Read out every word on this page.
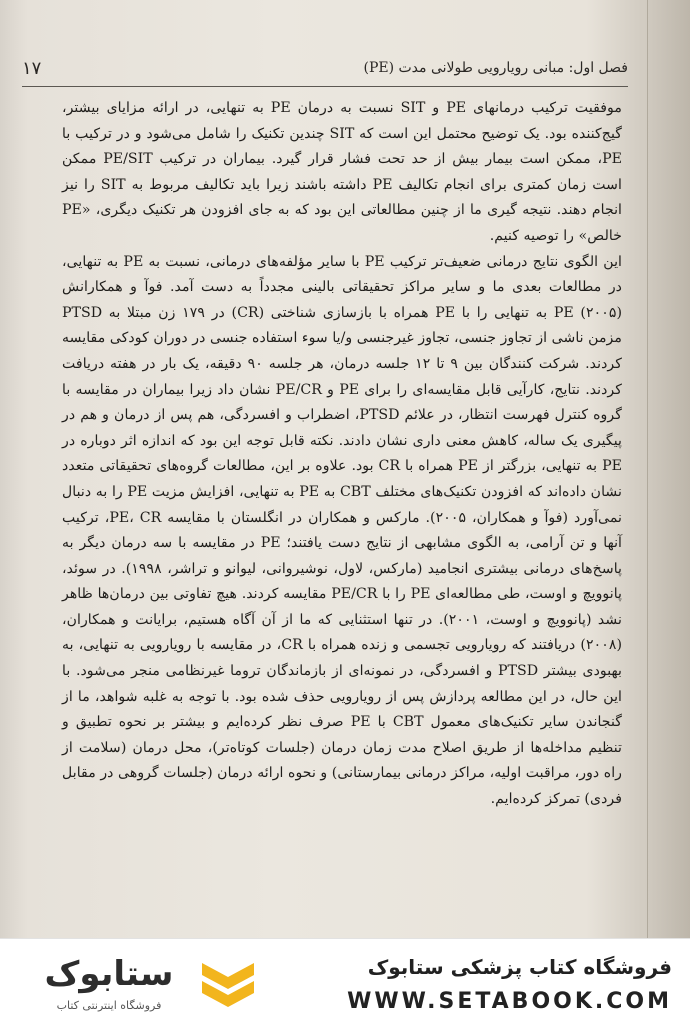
۱۷	فصل اول: مبانی رویارویی طولانی مدت (PE)

موفقیت ترکیب درمانهای PE و SIT نسبت به درمان PE به تنهایی، در ارائه مزایای بیشتر، گیج‌کننده بود. یک توضیح محتمل این است که SIT چندین تکنیک را شامل می‌شود و در ترکیب با PE، ممکن است بیمار بیش از حد تحت فشار قرار گیرد. بیماران در ترکیب PE/SIT ممکن است زمان کمتری برای انجام تکالیف PE داشته باشند زیرا باید تکالیف مربوط به SIT را نیز انجام دهند. نتیجه گیری ما از چنین مطالعاتی این بود که به جای افزودن هر تکنیک دیگری، «PE خالص» را توصیه کنیم.

این الگوی نتایج درمانی ضعیف‌تر ترکیب PE با سایر مؤلفه‌های درمانی، نسبت به PE به تنهایی، در مطالعات بعدی ما و سایر مراکز تحقیقاتی بالینی مجدداً به دست آمد. فوآ و همکارانش (۲۰۰۵) PE به تنهایی را با PE همراه با بازسازی شناختی (CR) در ۱۷۹ زن مبتلا به PTSD مزمن ناشی از تجاوز جنسی، تجاوز غیرجنسی و/یا سوء استفاده جنسی در دوران کودکی مقایسه کردند. شرکت کنندگان بین ۹ تا ۱۲ جلسه درمان، هر جلسه ۹۰ دقیقه، یک بار در هفته دریافت کردند. نتایج، کارآیی قابل مقایسه‌ای را برای PE و PE/CR نشان داد زیرا بیماران در مقایسه با گروه کنترل فهرست انتظار، در علائم PTSD، اضطراب و افسردگی، هم پس از درمان و هم در پیگیری یک ساله، کاهش معنی داری نشان دادند. نکته قابل توجه این بود که اندازه اثر دوباره در PE به تنهایی، بزرگتر از PE همراه با CR بود. علاوه بر این، مطالعات گروه‌های تحقیقاتی متعدد نشان داده‌اند که افزودن تکنیک‌های مختلف CBT به PE به تنهایی، افزایش مزیت PE را به دنبال نمی‌آورد (فوآ و همکاران، ۲۰۰۵). مارکس و همکاران در انگلستان با مقایسه PE، CR، ترکیب آنها و تن آرامی، به الگوی مشابهی از نتایج دست یافتند؛ PE در مقایسه با سه درمان دیگر به پاسخ‌های درمانی بیشتری انجامید (مارکس، لاول، نوشیروانی، لیوانو و تراشر، ۱۹۹۸). در سوئد، پانوویچ و اوست، طی مطالعه‌ای PE را با PE/CR مقایسه کردند. هیچ تفاوتی بین درمان‌ها ظاهر نشد (پانوویچ و اوست، ۲۰۰۱). در تنها استثنایی که ما از آن آگاه هستیم، برایانت و همکاران، (۲۰۰۸) دریافتند که رویارویی تجسمی و زنده همراه با CR، در مقایسه با رویارویی به تنهایی، به بهبودی بیشتر PTSD و افسردگی، در نمونه‌ای از بازماندگان تروما غیرنظامی منجر می‌شود. با این حال، در این مطالعه پردازش پس از رویارویی حذف شده بود. با توجه به غلبه شواهد، ما از گنجاندن سایر تکنیک‌های معمول CBT با PE صرف نظر کرده‌ایم و بیشتر بر نحوه تطبیق و تنظیم مداخله‌ها از طریق اصلاح مدت زمان درمان (جلسات کوتاه‌تر)، محل درمان (سلامت از راه دور، مراقبت اولیه، مراکز درمانی بیمارستانی) و نحوه ارائه درمان (جلسات گروهی در مقابل فردی) تمرکز کرده‌ایم.

ستابوک
فروشگاه اینترنتی کتاب
فروشگاه کتاب پزشکی ستابوک
WWW.SETABOOK.COM
